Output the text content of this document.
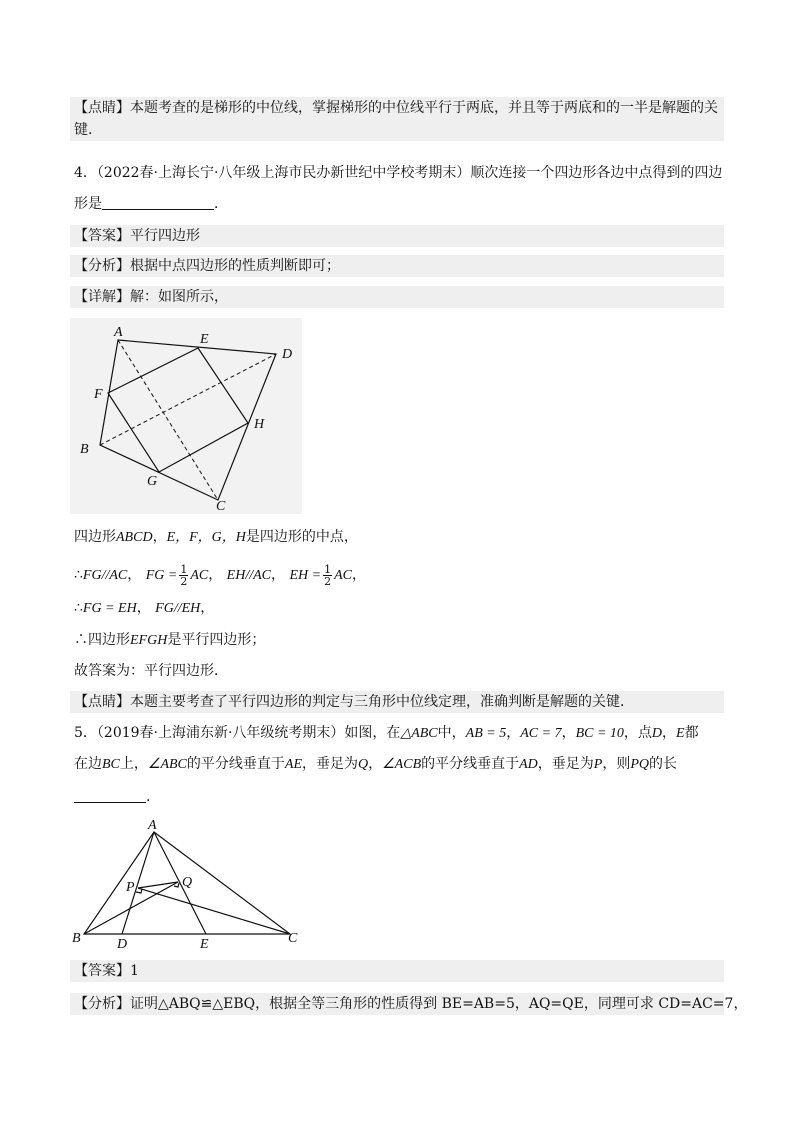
【点睛】本题考查的是梯形的中位线，掌握梯形的中位线平行于两底，并且等于两底和的一半是解题的关
键.
4．（2022春·上海长宁·八年级上海市民办新世纪中学校考期末）顺次连接一个四边形各边中点得到的四边
形是	．
【答案】平行四边形
【分析】根据中点四边形的性质判断即可；
【详解】解：如图所示，
A	E
D
F
H
B
G
C
四边形ABCD，E，F，G，H是四边形的中点，
∴FG//AC， FG = $\frac{1}{2}$ AC， EH//AC， EH = $\frac{1}{2}$ AC，
∴FG = EH， FG//EH，
∴四边形EFGH是平行四边形；
故答案为：平行四边形．
【点睛】本题主要考查了平行四边形的判定与三角形中位线定理，准确判断是解题的关键．
5．（2019春·上海浦东新·八年级统考期末）如图，在△ABC中，AB = 5，AC = 7，BC = 10，点D，E都
在边BC上，∠ABC的平分线垂直于AE，垂足为Q，∠ACB的平分线垂直于AD，垂足为P，则PQ的长
.
A
P	Q
B	D	E	C
【答案】1
【分析】证明△ABQ≌△EBQ，根据全等三角形的性质得到 BE=AB=5，AQ=QE，同理可求 CD=AC=7，
